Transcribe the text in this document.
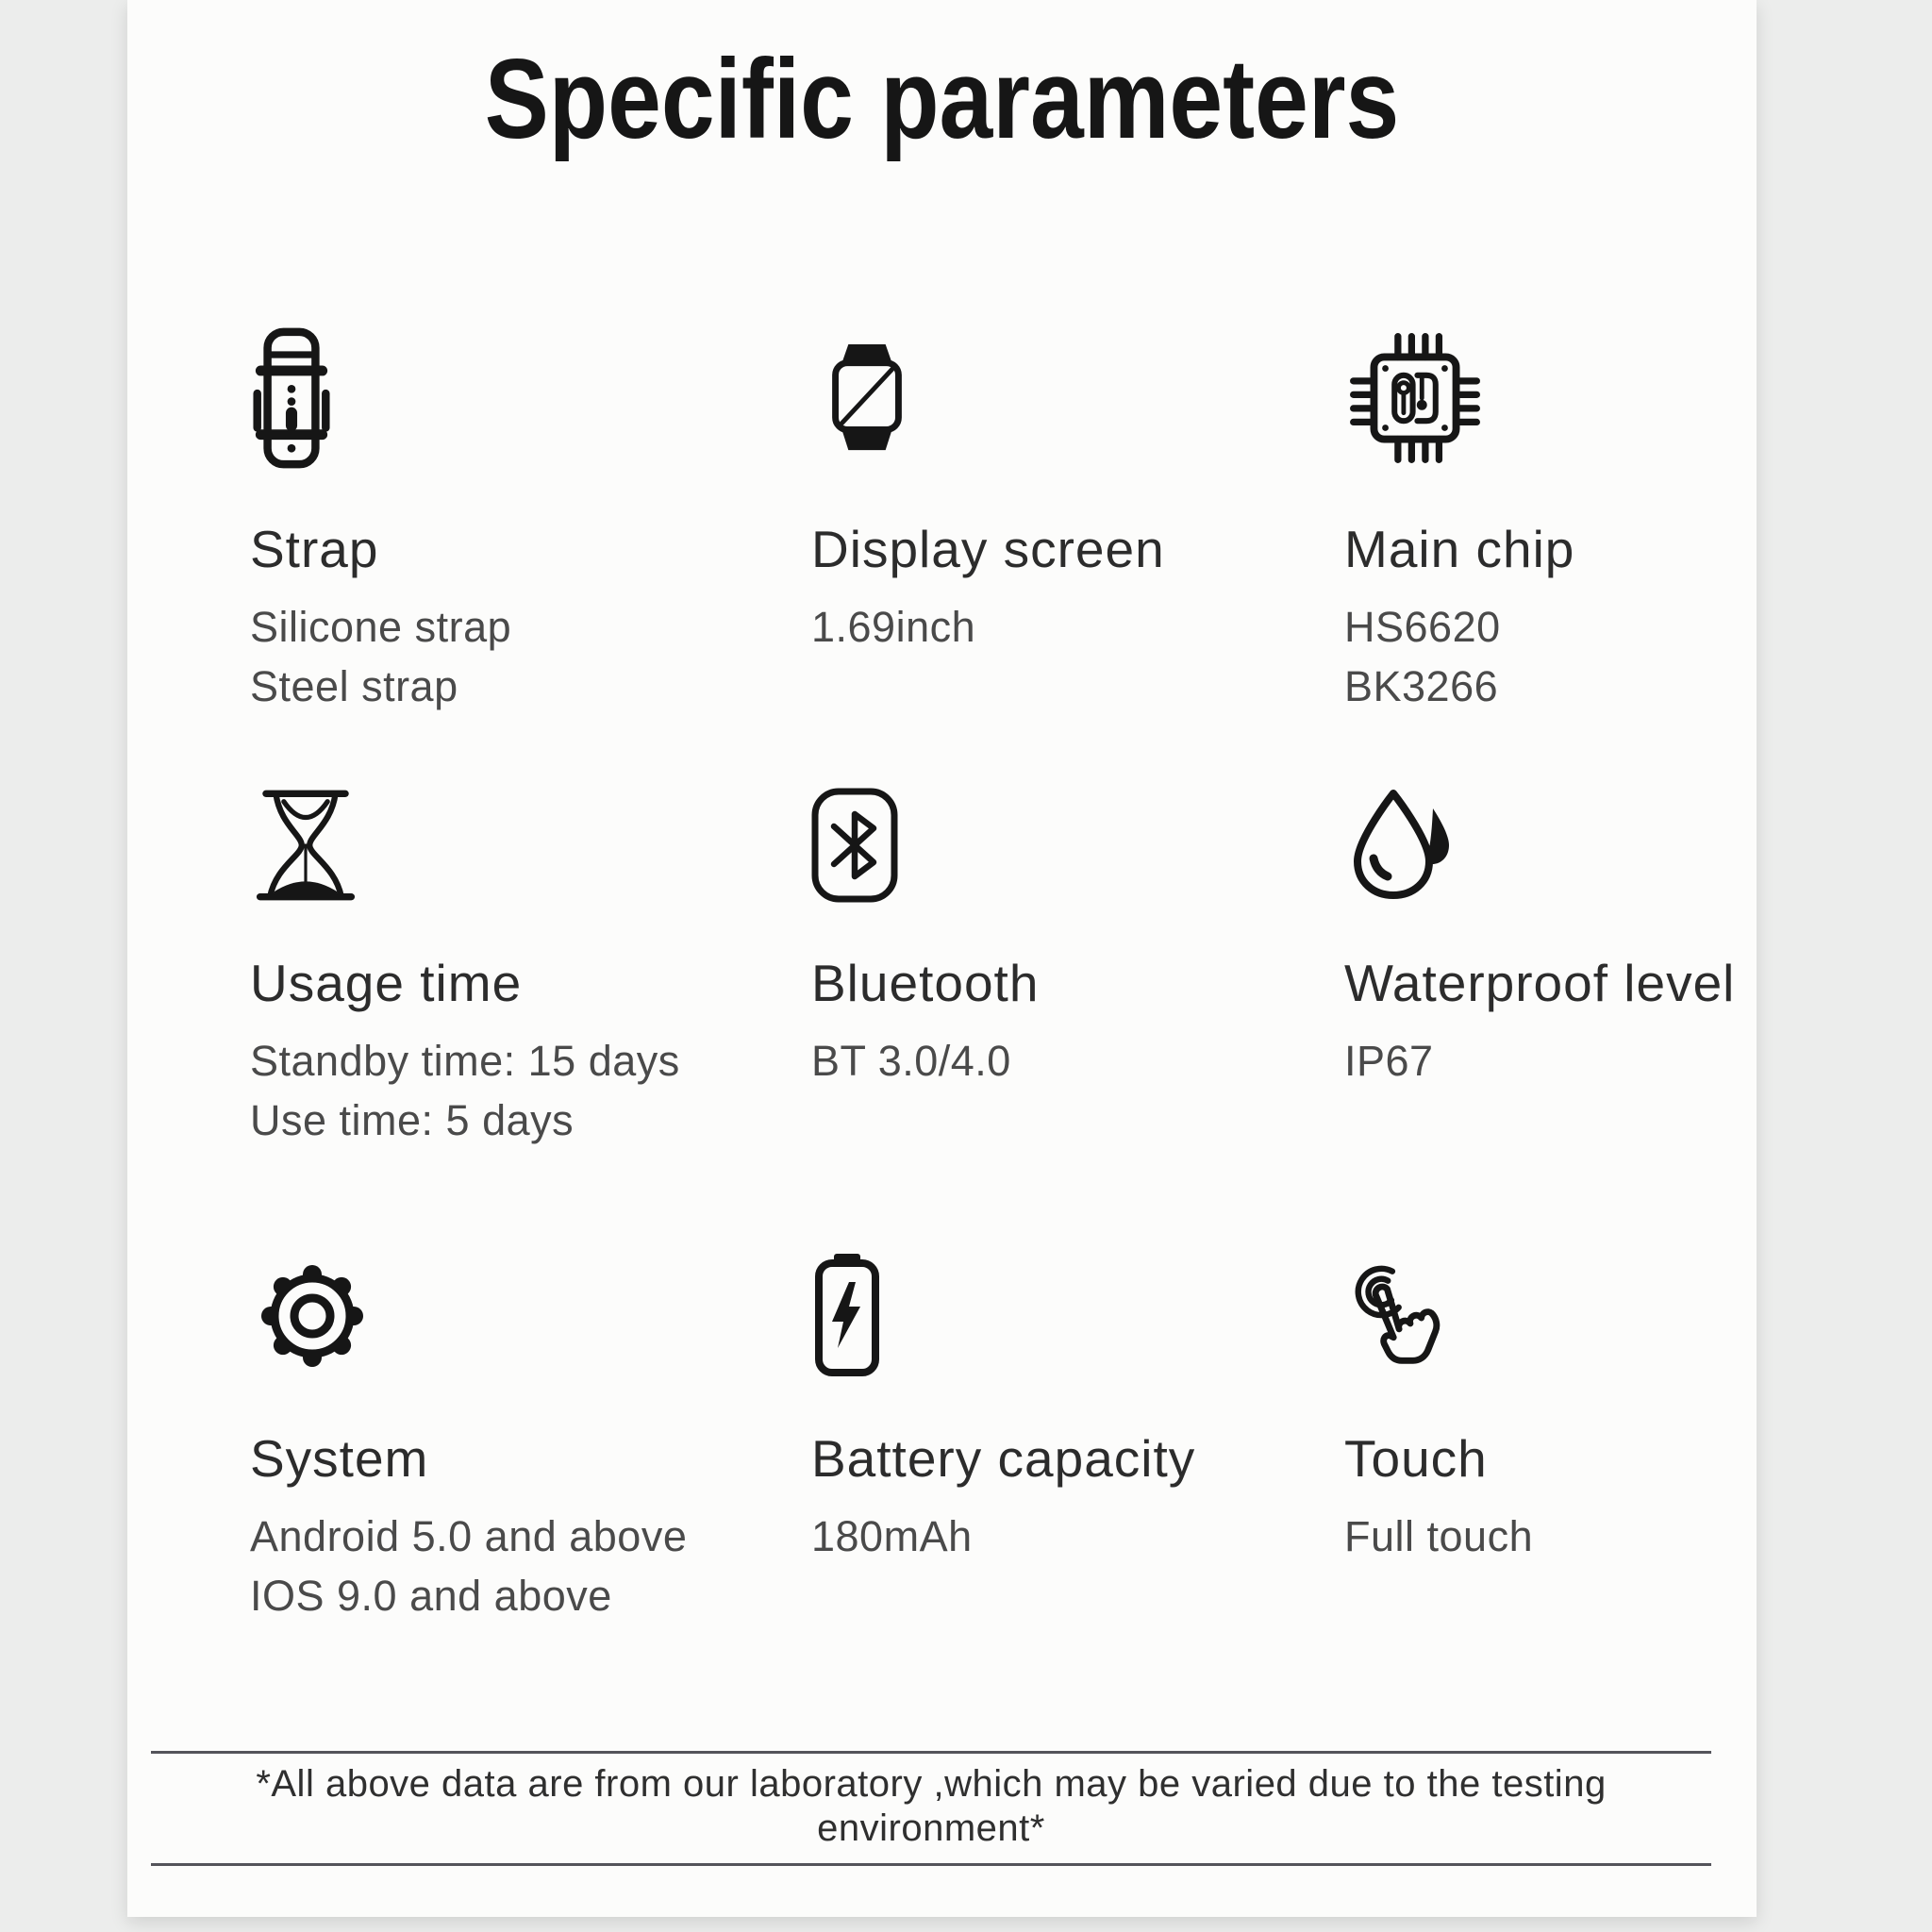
Specific parameters
Strap
Silicone strap
Steel strap
Display screen
1.69inch
Main chip
HS6620
BK3266
Usage time
Standby time: 15 days
Use time: 5 days
Bluetooth
BT 3.0/4.0
Waterproof level
IP67
System
Android 5.0 and above
IOS 9.0 and above
Battery capacity
180mAh
Touch
Full touch
*All above data are from our laboratory ,which may be varied due to the testing
environment*
